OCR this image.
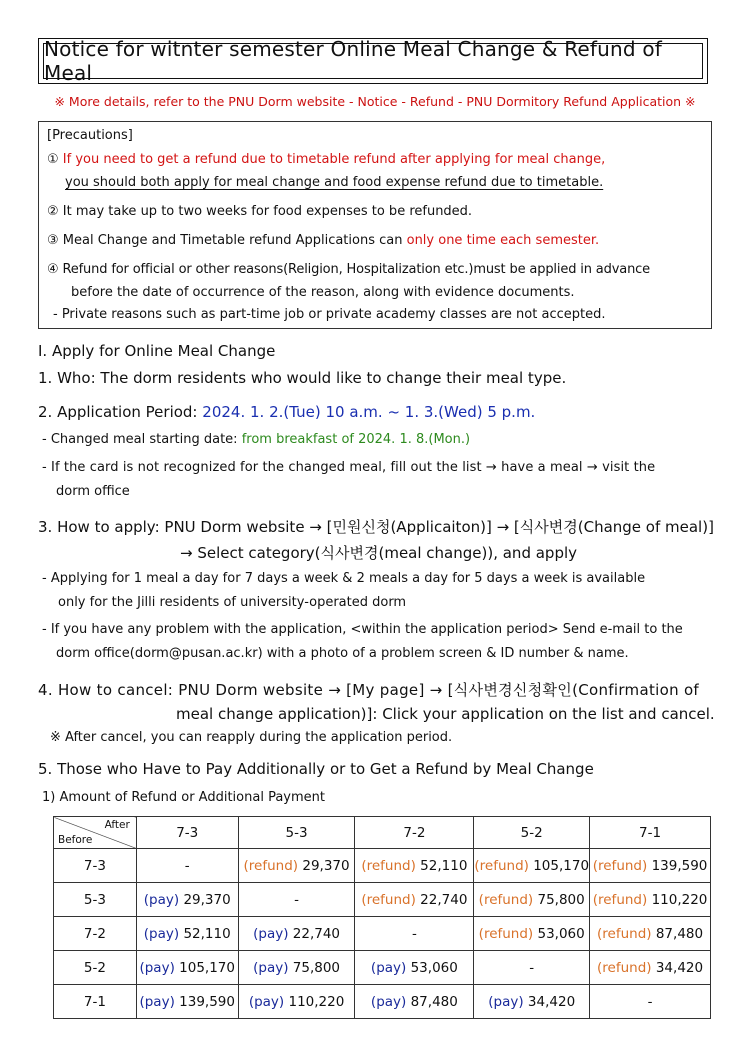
Notice for witnter semester Online Meal Change & Refund of Meal
※ More details, refer to the PNU Dorm website - Notice - Refund - PNU Dormitory Refund Application ※
[Precautions]
① If you need to get a refund due to timetable refund after applying for meal change,
you should both apply for meal change and food expense refund due to timetable.
② It may take up to two weeks for food expenses to be refunded.
③ Meal Change and Timetable refund Applications can only one time each semester.
④ Refund for official or other reasons(Religion, Hospitalization etc.)must be applied in advance
before the date of occurrence of the reason, along with evidence documents.
- Private reasons such as part-time job or private academy classes are not accepted.
Ⅰ. Apply for Online Meal Change
1. Who: The dorm residents who would like to change their meal type.
2. Application Period: 2024. 1. 2.(Tue) 10 a.m. ~ 1. 3.(Wed) 5 p.m.
- Changed meal starting date: from breakfast of 2024. 1. 8.(Mon.)
- If the card is not recognized for the changed meal, fill out the list → have a meal → visit the
dorm office
3. How to apply: PNU Dorm website → [민원신청(Applicaiton)] → [식사변경(Change of meal)]
→ Select category(식사변경(meal change)), and apply
- Applying for 1 meal a day for 7 days a week & 2 meals a day for 5 days a week is available
only for the Jilli residents of university-operated dorm
- If you have any problem with the application, <within the application period> Send e-mail to the
dorm office(dorm@pusan.ac.kr) with a photo of a problem screen & ID number & name.
4. How to cancel: PNU Dorm website → [My page] → [식사변경신청확인(Confirmation of
meal change application)]: Click your application on the list and cancel.
※ After cancel, you can reapply during the application period.
5. Those who Have to Pay Additionally or to Get a Refund by Meal Change
1) Amount of Refund or Additional Payment
After
Before	7-3	5-3	7-2	5-2	7-1
7-3	-	(refund) 29,370	(refund) 52,110	(refund) 105,170	(refund) 139,590
5-3	(pay) 29,370	-	(refund) 22,740	(refund) 75,800	(refund) 110,220
7-2	(pay) 52,110	(pay) 22,740	-	(refund) 53,060	(refund) 87,480
5-2	(pay) 105,170	(pay) 75,800	(pay) 53,060	-	(refund) 34,420
7-1	(pay) 139,590	(pay) 110,220	(pay) 87,480	(pay) 34,420	-
